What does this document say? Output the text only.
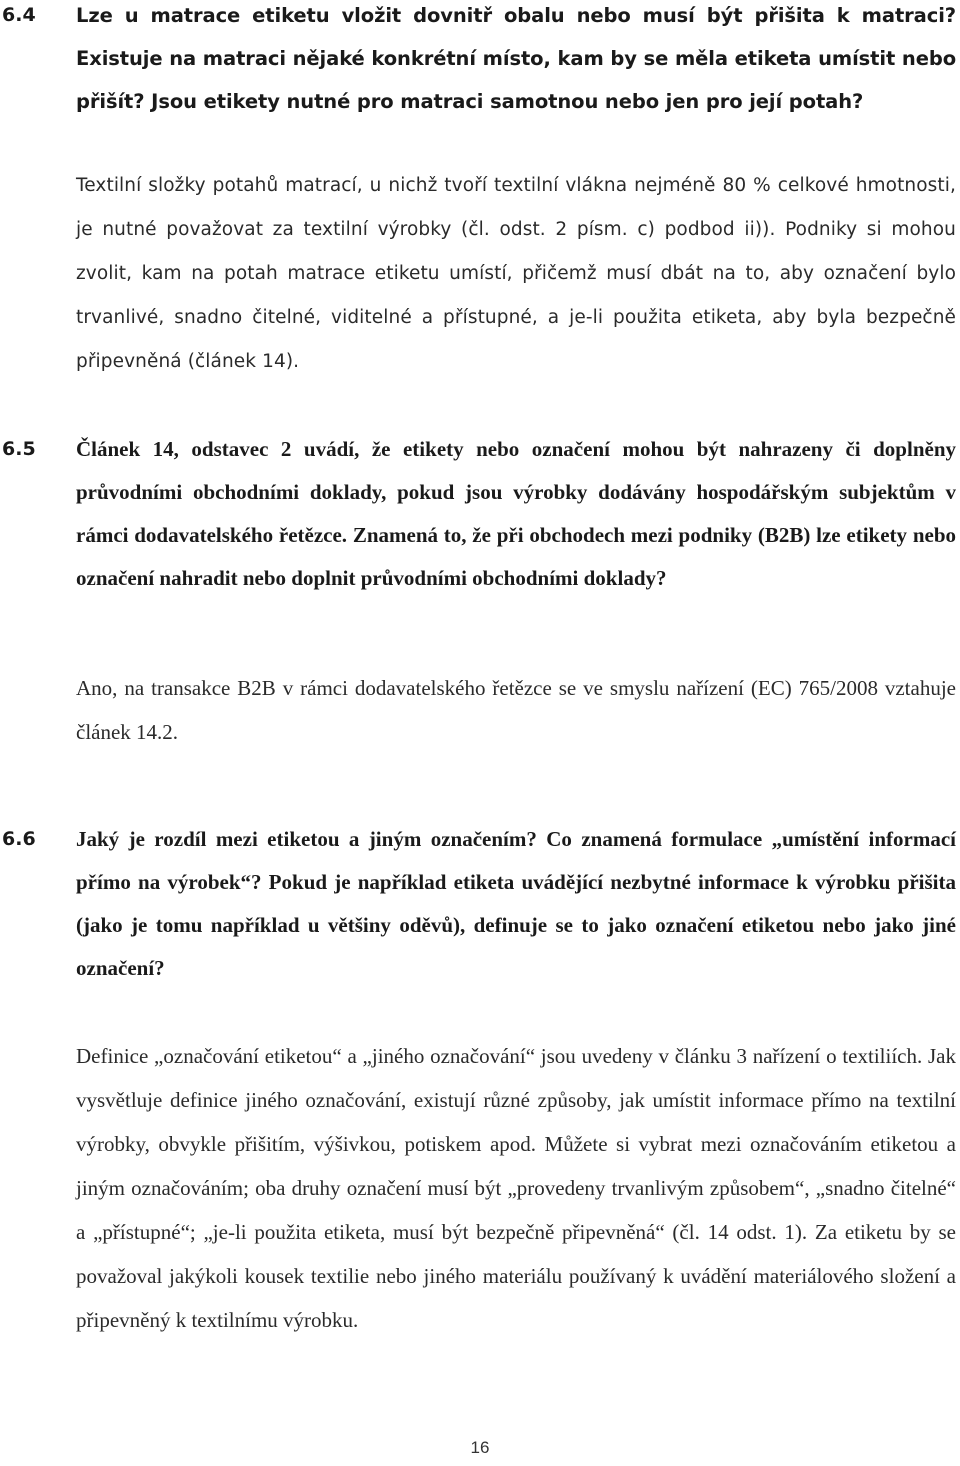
6.4 Lze u matrace etiketu vložit dovnitř obalu nebo musí být přišita k matraci? Existuje na matraci nějaké konkrétní místo, kam by se měla etiketa umístit nebo přišít? Jsou etikety nutné pro matraci samotnou nebo jen pro její potah?
Textilní složky potahů matrací, u nichž tvoří textilní vlákna nejméně 80 % celkové hmotnosti, je nutné považovat za textilní výrobky (čl. odst. 2 písm. c) podbod ii)). Podniky si mohou zvolit, kam na potah matrace etiketu umístí, přičemž musí dbát na to, aby označení bylo trvanlivé, snadno čitelné, viditelné a přístupné, a je-li použita etiketa, aby byla bezpečně připevněná (článek 14).
6.5 Článek 14, odstavec 2 uvádí, že etikety nebo označení mohou být nahrazeny či doplněny průvodními obchodními doklady, pokud jsou výrobky dodávány hospodářským subjektům v rámci dodavatelského řetězce. Znamená to, že při obchodech mezi podniky (B2B) lze etikety nebo označení nahradit nebo doplnit průvodními obchodními doklady?
Ano, na transakce B2B v rámci dodavatelského řetězce se ve smyslu nařízení (EC) 765/2008 vztahuje článek 14.2.
6.6 Jaký je rozdíl mezi etiketou a jiným označením? Co znamená formulace „umístění informací přímo na výrobek“? Pokud je například etiketa uvádějící nezbytné informace k výrobku přišita (jako je tomu například u většiny oděvů), definuje se to jako označení etiketou nebo jako jiné označení?
Definice „označování etiketou“ a „jiného označování“ jsou uvedeny v článku 3 nařízení o textiliích. Jak vysvětluje definice jiného označování, existují různé způsoby, jak umístit informace přímo na textilní výrobky, obvykle přišitím, výšivkou, potiskem apod. Můžete si vybrat mezi označováním etiketou a jiným označováním; oba druhy označení musí být „provedeny trvanlivým způsobem“, „snadno čitelné“ a „přístupné“; „je-li použita etiketa, musí být bezpečně připevněná“ (čl. 14 odst. 1). Za etiketu by se považoval jakýkoli kousek textilie nebo jiného materiálu používaný k uvádění materiálového složení a připevněný k textilnímu výrobku.
16
